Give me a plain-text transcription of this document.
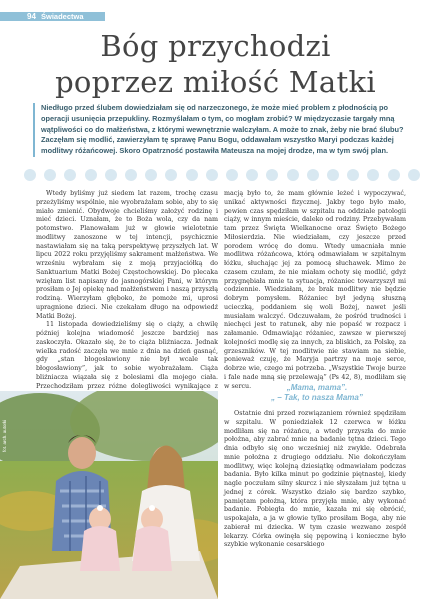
94 Świadectwa
Bóg przychodzi
poprzez miłość Matki

Niedługo przed ślubem dowiedziałam się od narzeczonego, że może mieć problem z płodnością po operacji usunięcia przepukliny. Rozmyślałam o tym, co mogłam zrobić? W międzyczasie targały mną wątpliwości co do małżeństwa, z którymi wewnętrznie walczyłam. A może to znak, żeby nie brać ślubu? Zaczęłam się modlić, zawierzyłam tę sprawę Panu Bogu, oddawałam wszystko Maryi podczas każdej modlitwy różańcowej. Skoro Opatrzność postawiła Mateusza na mojej drodze, ma w tym swój plan.

Wtedy byliśmy już siedem lat razem, trochę czasu przeżyliśmy wspólnie, nie wyobrażałam sobie, aby to się miało zmienić. Obydwoje chcieliśmy założyć rodzinę i mieć dzieci. Uznałam, że to Boża wola, czy da nam potomstwo. Planowałam już w głowie wielotetnie modlitwy zanoszone w tej intencji, psychicznie nastawiałam się na taką perspektywę przyszłych lat. W lipcu 2022 roku przyjęliśmy sakrament małżeństwa. We wrześniu wybrałam się z moją przyjaciółką do Sanktuarium Matki Bożej Częstochowskiej. Do plecaka wzięłam list napisany do jasnogórskiej Pani, w którym prosiłam o Jej opiekę nad małżeństwem i naszą przyszłą rodziną. Wierzyłam głęboko, że pomoże mi, uprosi upragnione dzieci. Nie czekałam długo na odpowiedź Matki Bożej.

11 listopada dowiedzieliśmy się o ciąży, a chwilę później kolejna wiadomość jeszcze bardziej nas zaskoczyła. Okazało się, że to ciąża bliźniacza. Jednak wielka radość zaczęła we mnie z dnia na dzień gasnąć, gdy „stan błogosławiony nie był wcale tak błogosławiony”, jak to sobie wyobrażałam. Ciąża bliźniacza wiązała się z bolesiami dla mojego ciała. Przechodziłam przez różne dolegliwości wynikające z

macją było to, że mam głównie leżeć i wypoczywać, unikać aktywności fizycznej. Jakby tego było mało, pewien czas spędziłam w szpitalu na oddziale patologii ciąży, w innym mieście, daleko od rodziny. Przebywałam tam przez Święta Wielkanocne oraz Święto Bożego Miłosierdzia. Nie wiedziałam, czy jeszcze przed porodem wrócę do domu. Wtedy umacniała mnie modlitwa różańcowa, którą odmawiałam w szpitalnym łóżku, słuchając jej za pomocą słuchawek. Mimo że czasem czułam, że nie miałam ochoty się modlić, gdyż przygnębiała mnie ta sytuacja, różaniec towarzyszył mi codziennie. Wiedziałam, że brak modlitwy nie będzie dobrym pomysłem. Różaniec był jedyną słuszną ucieczką, poddaniem się woli Bożej, nawet jeśli musiałam walczyć. Odczuwałam, że pośród trudności i niechęci jest to ratunek, aby nie popaść w rozpacz i załamanie. Odmawiając różaniec, zawsze w pierwszej kolejności modlę się za innych, za bliskich, za Polskę, za grzeszników. W tej modlitwie nie stawiam na siebie, ponieważ czuję, że Maryja partrzy na moje serce, dobrze wie, czego mi potrzeba. „Wszystkie Twoje burze i fale nade mną się przelewają” (Ps 42, 8), modliłam się w sercu.	„Mama, mama”.
„ – Tak, to nasza Mama”

Ostatnie dni przed rozwiązaniem również spędziłam w szpitalu. W poniedziałek 12 czerwca w łóżku modliłam się na różańcu, a wtedy przyszła do mnie położna, aby zabrać mnie na badanie tętna dzieci. Tego dnia odbyło się ono wcześniej niż zwykle. Odebrała mnie położna z drugiego oddziału. Nie dokończyłam modlitwy, więc kolejną dziesiątkę odmawiałam podczas badania. Było kilka minut po godzinie piętnastej, kiedy nagle poczułam silny skurcz i nie słyszałam już tętna u jednej z córek. Wszystko działo się bardzo szybko, pamiętam położną, która przyjęła mnie, aby wykonać badanie. Pobiegła do mnie, kazała mi się obrócić, uspokajała, a ja w głowie tylko prosiłam Boga, aby nie zabierał mi dziecka. W tym czasie wezwano zespół lekarzy. Córka owinęła się pępowiną i konieczne było szybkie wykonanie cesarskiego

fot. arch. autorki
